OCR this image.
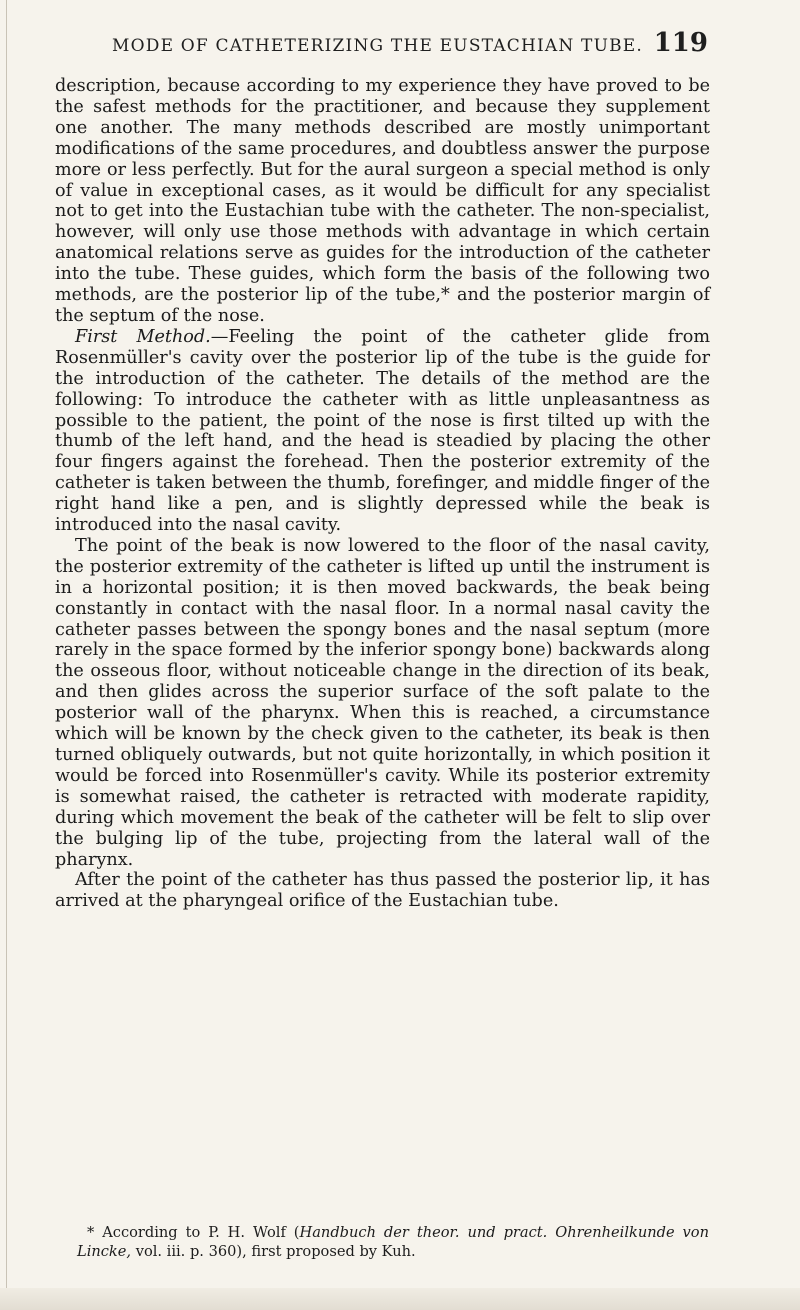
MODE OF CATHETERIZING THE EUSTACHIAN TUBE. 119

description, because according to my experience they have proved to be the safest methods for the practitioner, and because they supplement one another. The many methods described are mostly unimportant modifications of the same procedures, and doubtless answer the purpose more or less perfectly. But for the aural surgeon a special method is only of value in exceptional cases, as it would be difficult for any specialist not to get into the Eustachian tube with the catheter. The non-specialist, however, will only use those methods with advantage in which certain anatomical relations serve as guides for the introduction of the catheter into the tube. These guides, which form the basis of the following two methods, are the posterior lip of the tube,* and the posterior margin of the septum of the nose.

First Method.—Feeling the point of the catheter glide from Rosenmüller's cavity over the posterior lip of the tube is the guide for the introduction of the catheter. The details of the method are the following: To introduce the catheter with as little unpleasantness as possible to the patient, the point of the nose is first tilted up with the thumb of the left hand, and the head is steadied by placing the other four fingers against the forehead. Then the posterior extremity of the catheter is taken between the thumb, forefinger, and middle finger of the right hand like a pen, and is slightly depressed while the beak is introduced into the nasal cavity.

The point of the beak is now lowered to the floor of the nasal cavity, the posterior extremity of the catheter is lifted up until the instrument is in a horizontal position; it is then moved backwards, the beak being constantly in contact with the nasal floor. In a normal nasal cavity the catheter passes between the spongy bones and the nasal septum (more rarely in the space formed by the inferior spongy bone) backwards along the osseous floor, without noticeable change in the direction of its beak, and then glides across the superior surface of the soft palate to the posterior wall of the pharynx. When this is reached, a circumstance which will be known by the check given to the catheter, its beak is then turned obliquely outwards, but not quite horizontally, in which position it would be forced into Rosenmüller's cavity. While its posterior extremity is somewhat raised, the catheter is retracted with moderate rapidity, during which movement the beak of the catheter will be felt to slip over the bulging lip of the tube, projecting from the lateral wall of the pharynx.

After the point of the catheter has thus passed the posterior lip, it has arrived at the pharyngeal orifice of the Eustachian tube.

* According to P. H. Wolf (Handbuch der theor. und pract. Ohrenheilkunde von Lincke, vol. iii. p. 360), first proposed by Kuh.
